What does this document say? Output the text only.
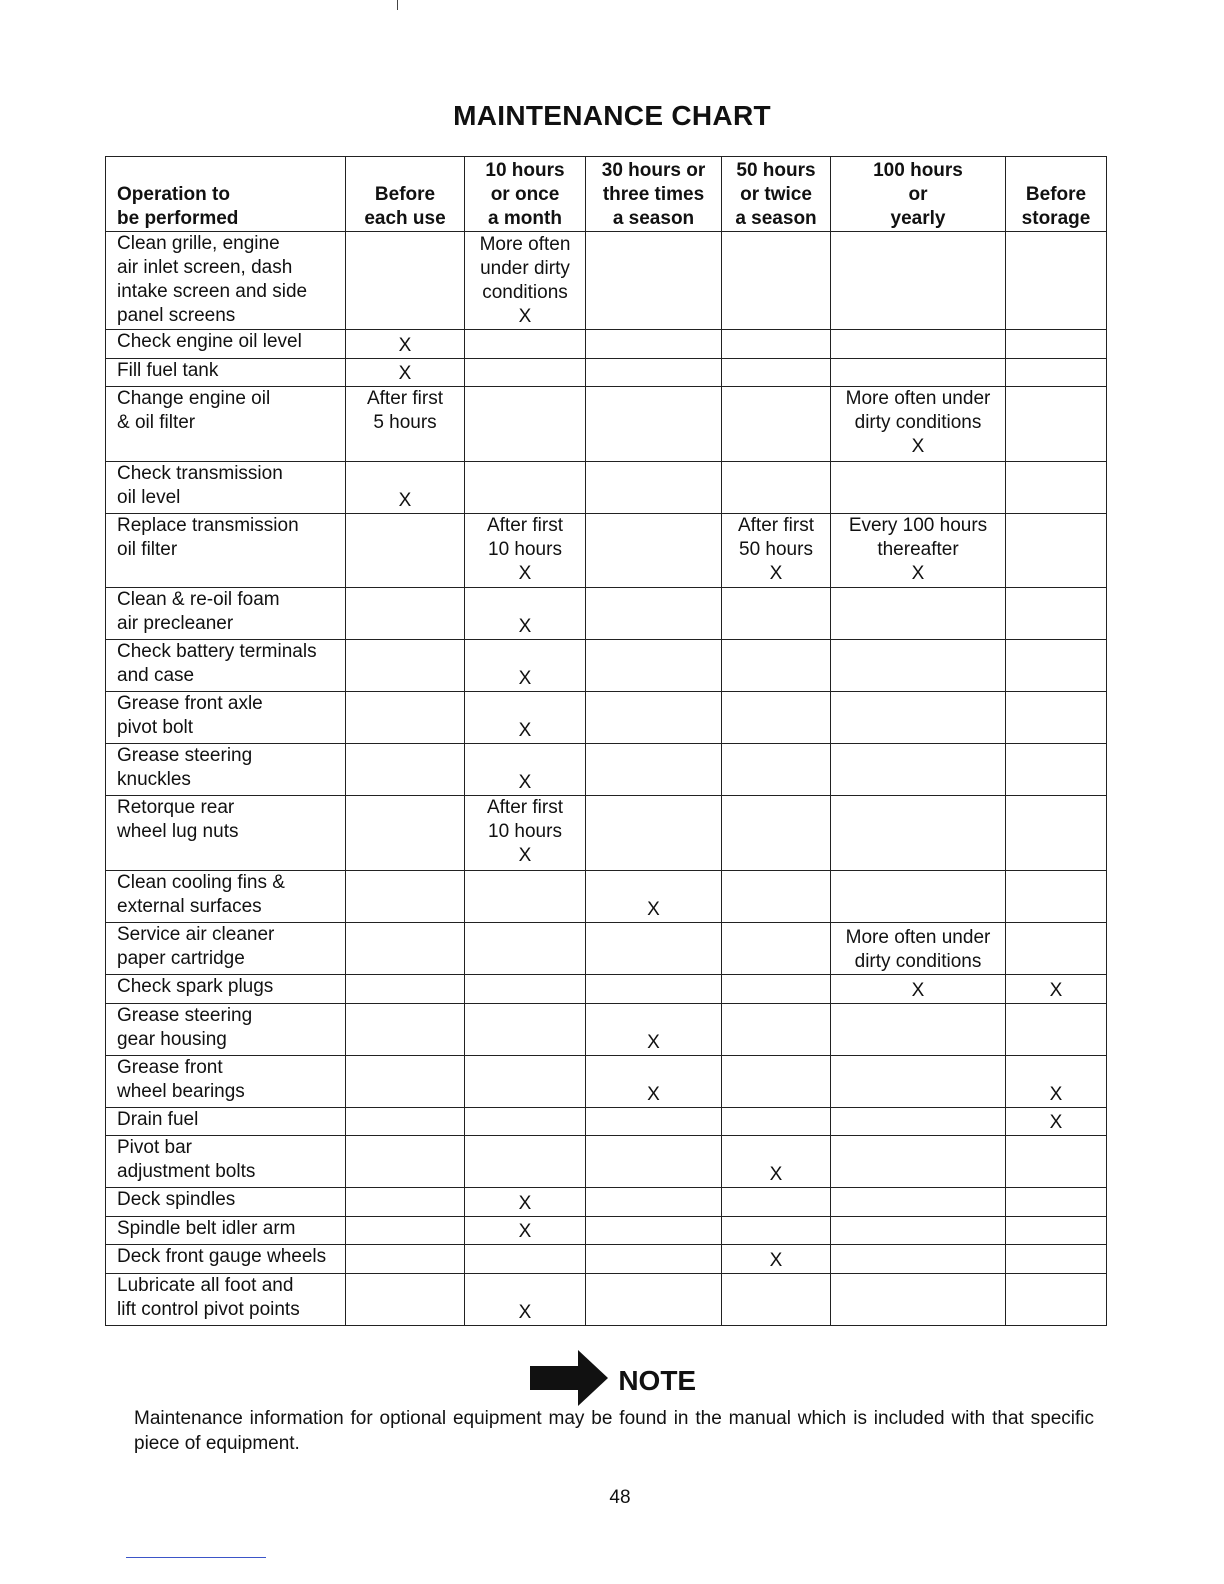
MAINTENANCE CHART
Operation to
be performed	Before
each use	10 hours
or once
a month	30 hours or
three times
a season	50 hours
or twice
a season	100 hours
or
yearly	Before
storage

Clean grille, engine
air inlet screen, dash
intake screen and side
panel screens		More often
under dirty
conditions
X				

Check engine oil level	X					

Fill fuel tank	X					

Change engine oil
& oil filter	After first
5 hours				More often under
dirty conditions
X	

Check transmission
oil level	X					

Replace transmission
oil filter		After first
10 hours
X		After first
50 hours
X	Every 100 hours
thereafter
X	

Clean & re-oil foam
air precleaner		X				

Check battery terminals
and case		X				

Grease front axle
pivot bolt		X				

Grease steering
knuckles		X				

Retorque rear
wheel lug nuts		After first
10 hours
X				

Clean cooling fins &
external surfaces			X			

Service air cleaner
paper cartridge					More often under
dirty conditions	

Check spark plugs					X	X

Grease steering
gear housing			X			

Grease front
wheel bearings			X			X

Drain fuel						X

Pivot bar
adjustment bolts				X		

Deck spindles		X				

Spindle belt idler arm		X				

Deck front gauge wheels				X		

Lubricate all foot and
lift control pivot points		X				

NOTE
Maintenance information for optional equipment may be found in the manual which is included with that specific piece of equipment.
48
